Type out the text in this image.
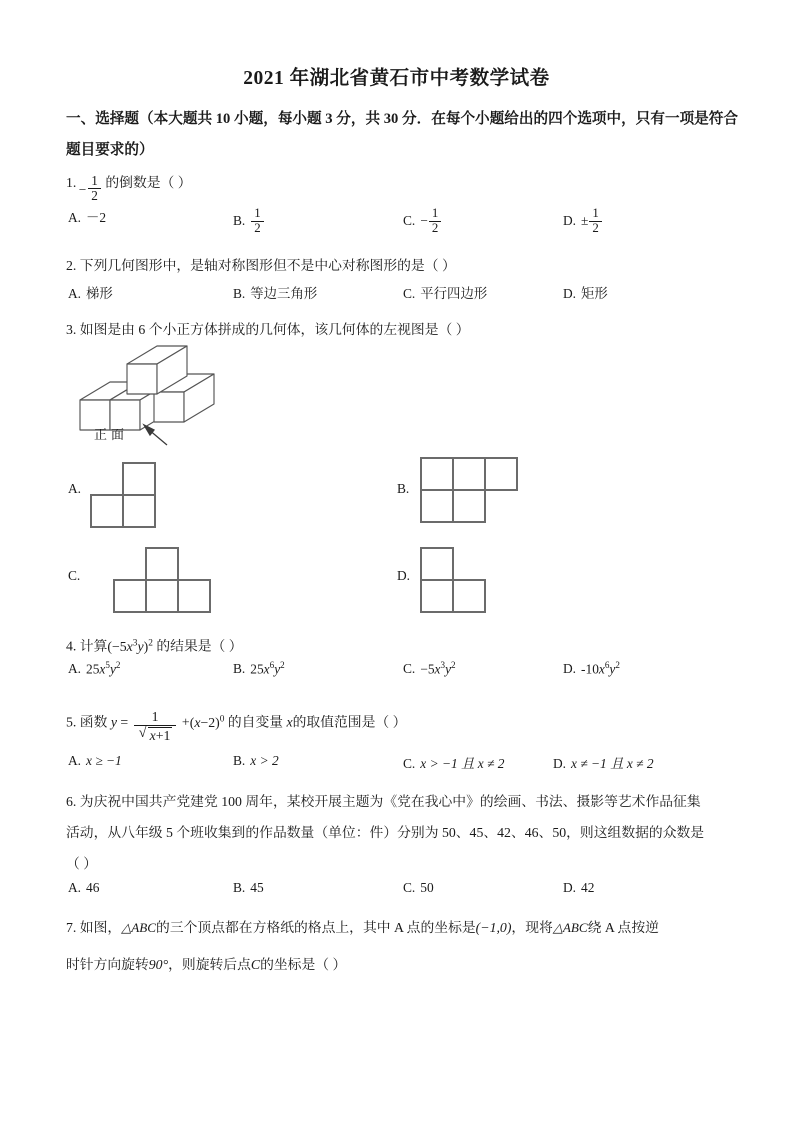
2021 年湖北省黄石市中考数学试卷
一、选择题（本大题共 10 小题，每小题 3 分，共 30 分．在每个小题给出的四个选项中，只有一项是符合题目要求的）
1. − $\frac{1}{2}$ 的倒数是（ ）
A. －2	B. $\frac{1}{2}$	C. − $\frac{1}{2}$	D. ± $\frac{1}{2}$
2. 下列几何图形中，是轴对称图形但不是中心对称图形的是（ ）
A. 梯形	B. 等边三角形	C. 平行四边形	D. 矩形
3. 如图是由 6 个小正方体拼成的几何体，该几何体的左视图是（ ）
正面
A.	B.
C.	D.
4. 计算$(-5x^3y)^2$ 的结果是（ ）
A. $25x^5y^2$	B. $25x^6y^2$	C. $-5x^3y^2$	D. $-10x^6y^2$
5. 函数 $y = \frac{1}{√ x+1} +(x-2)^0$ 的自变量 x的取值范围是（ ）
A. x ≥ −1	B. x > 2	C. x > −1 且 x ≠ 2	D. x ≠ −1 且 x ≠ 2
6. 为庆祝中国共产党建党 100 周年，某校开展主题为《党在我心中》的绘画、书法、摄影等艺术作品征集
活动，从八年级 5 个班收集到的作品数量（单位：件）分别为 50、45、42、46、50，则这组数据的众数是
（ ）
A. 46	B. 45	C. 50	D. 42
7. 如图，△ABC的三个顶点都在方格纸的格点上，其中 A 点的坐标是(−1,0)，现将△ABC绕 A 点按逆
时针方向旋转90°，则旋转后点C的坐标是（ ）
